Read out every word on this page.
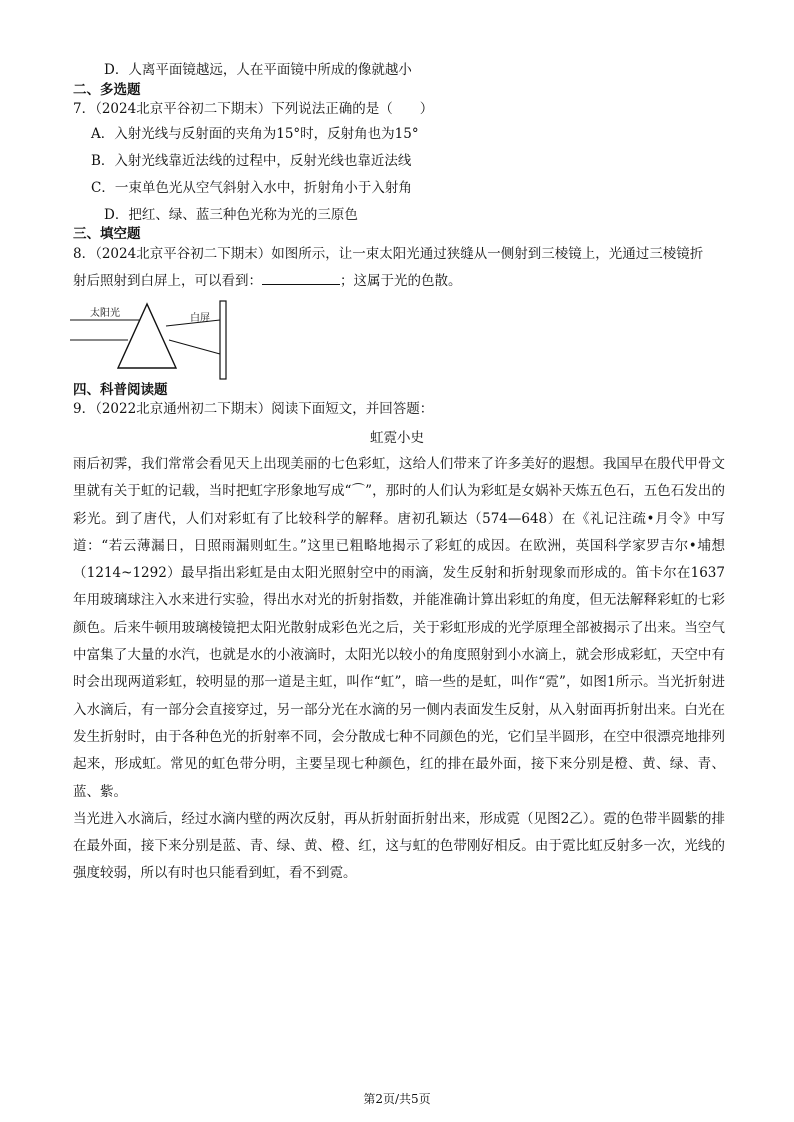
D．人离平面镜越远，人在平面镜中所成的像就越小
二、多选题
7．（2024北京平谷初二下期末）下列说法正确的是（　　）
A．入射光线与反射面的夹角为15°时，反射角也为15°
B．入射光线靠近法线的过程中，反射光线也靠近法线
C．一束单色光从空气斜射入水中，折射角小于入射角
D．把红、绿、蓝三种色光称为光的三原色
三、填空题
8．（2024北京平谷初二下期末）如图所示，让一束太阳光通过狭缝从一侧射到三棱镜上，光通过三棱镜折
射后照射到白屏上，可以看到：	；这属于光的色散。
太阳光	白屏
四、科普阅读题
9．（2022北京通州初二下期末）阅读下面短文，并回答题：
虹霓小史

雨后初霁，我们常常会看见天上出现美丽的七色彩虹，这给人们带来了许多美好的遐想。我国早在殷代甲骨文里就有关于虹的记载，当时把虹字形象地写成“⌒”，那时的人们认为彩虹是女娲补天炼五色石，五色石发出的彩光。到了唐代，人们对彩虹有了比较科学的解释。唐初孔颖达（574—648）在《礼记注疏•月令》中写道：“若云薄漏日，日照雨漏则虹生。”这里已粗略地揭示了彩虹的成因。在欧洲，英国科学家罗吉尔•埔想（1214~1292）最早指出彩虹是由太阳光照射空中的雨滴，发生反射和折射现象而形成的。笛卡尔在1637年用玻璃球注入水来进行实验，得出水对光的折射指数，并能准确计算出彩虹的角度，但无法解释彩虹的七彩颜色。后来牛顿用玻璃棱镜把太阳光散射成彩色光之后，关于彩虹形成的光学原理全部被揭示了出来。当空气中富集了大量的水汽，也就是水的小液滴时，太阳光以较小的角度照射到小水滴上，就会形成彩虹，天空中有时会出现两道彩虹，较明显的那一道是主虹，叫作“虹”，暗一些的是虹，叫作“霓”，如图1所示。当光折射进入水滴后，有一部分会直接穿过，另一部分光在水滴的另一侧内表面发生反射，从入射面再折射出来。白光在发生折射时，由于各种色光的折射率不同，会分散成七种不同颜色的光，它们呈半圆形，在空中很漂亮地排列起来，形成虹。常见的虹色带分明，主要呈现七种颜色，红的排在最外面，接下来分别是橙、黄、绿、青、蓝、紫。

当光进入水滴后，经过水滴内壁的两次反射，再从折射面折射出来，形成霓（见图2乙）。霓的色带半圆紫的排在最外面，接下来分别是蓝、青、绿、黄、橙、红，这与虹的色带刚好相反。由于霓比虹反射多一次，光线的强度较弱，所以有时也只能看到虹，看不到霓。

第2页/共5页
